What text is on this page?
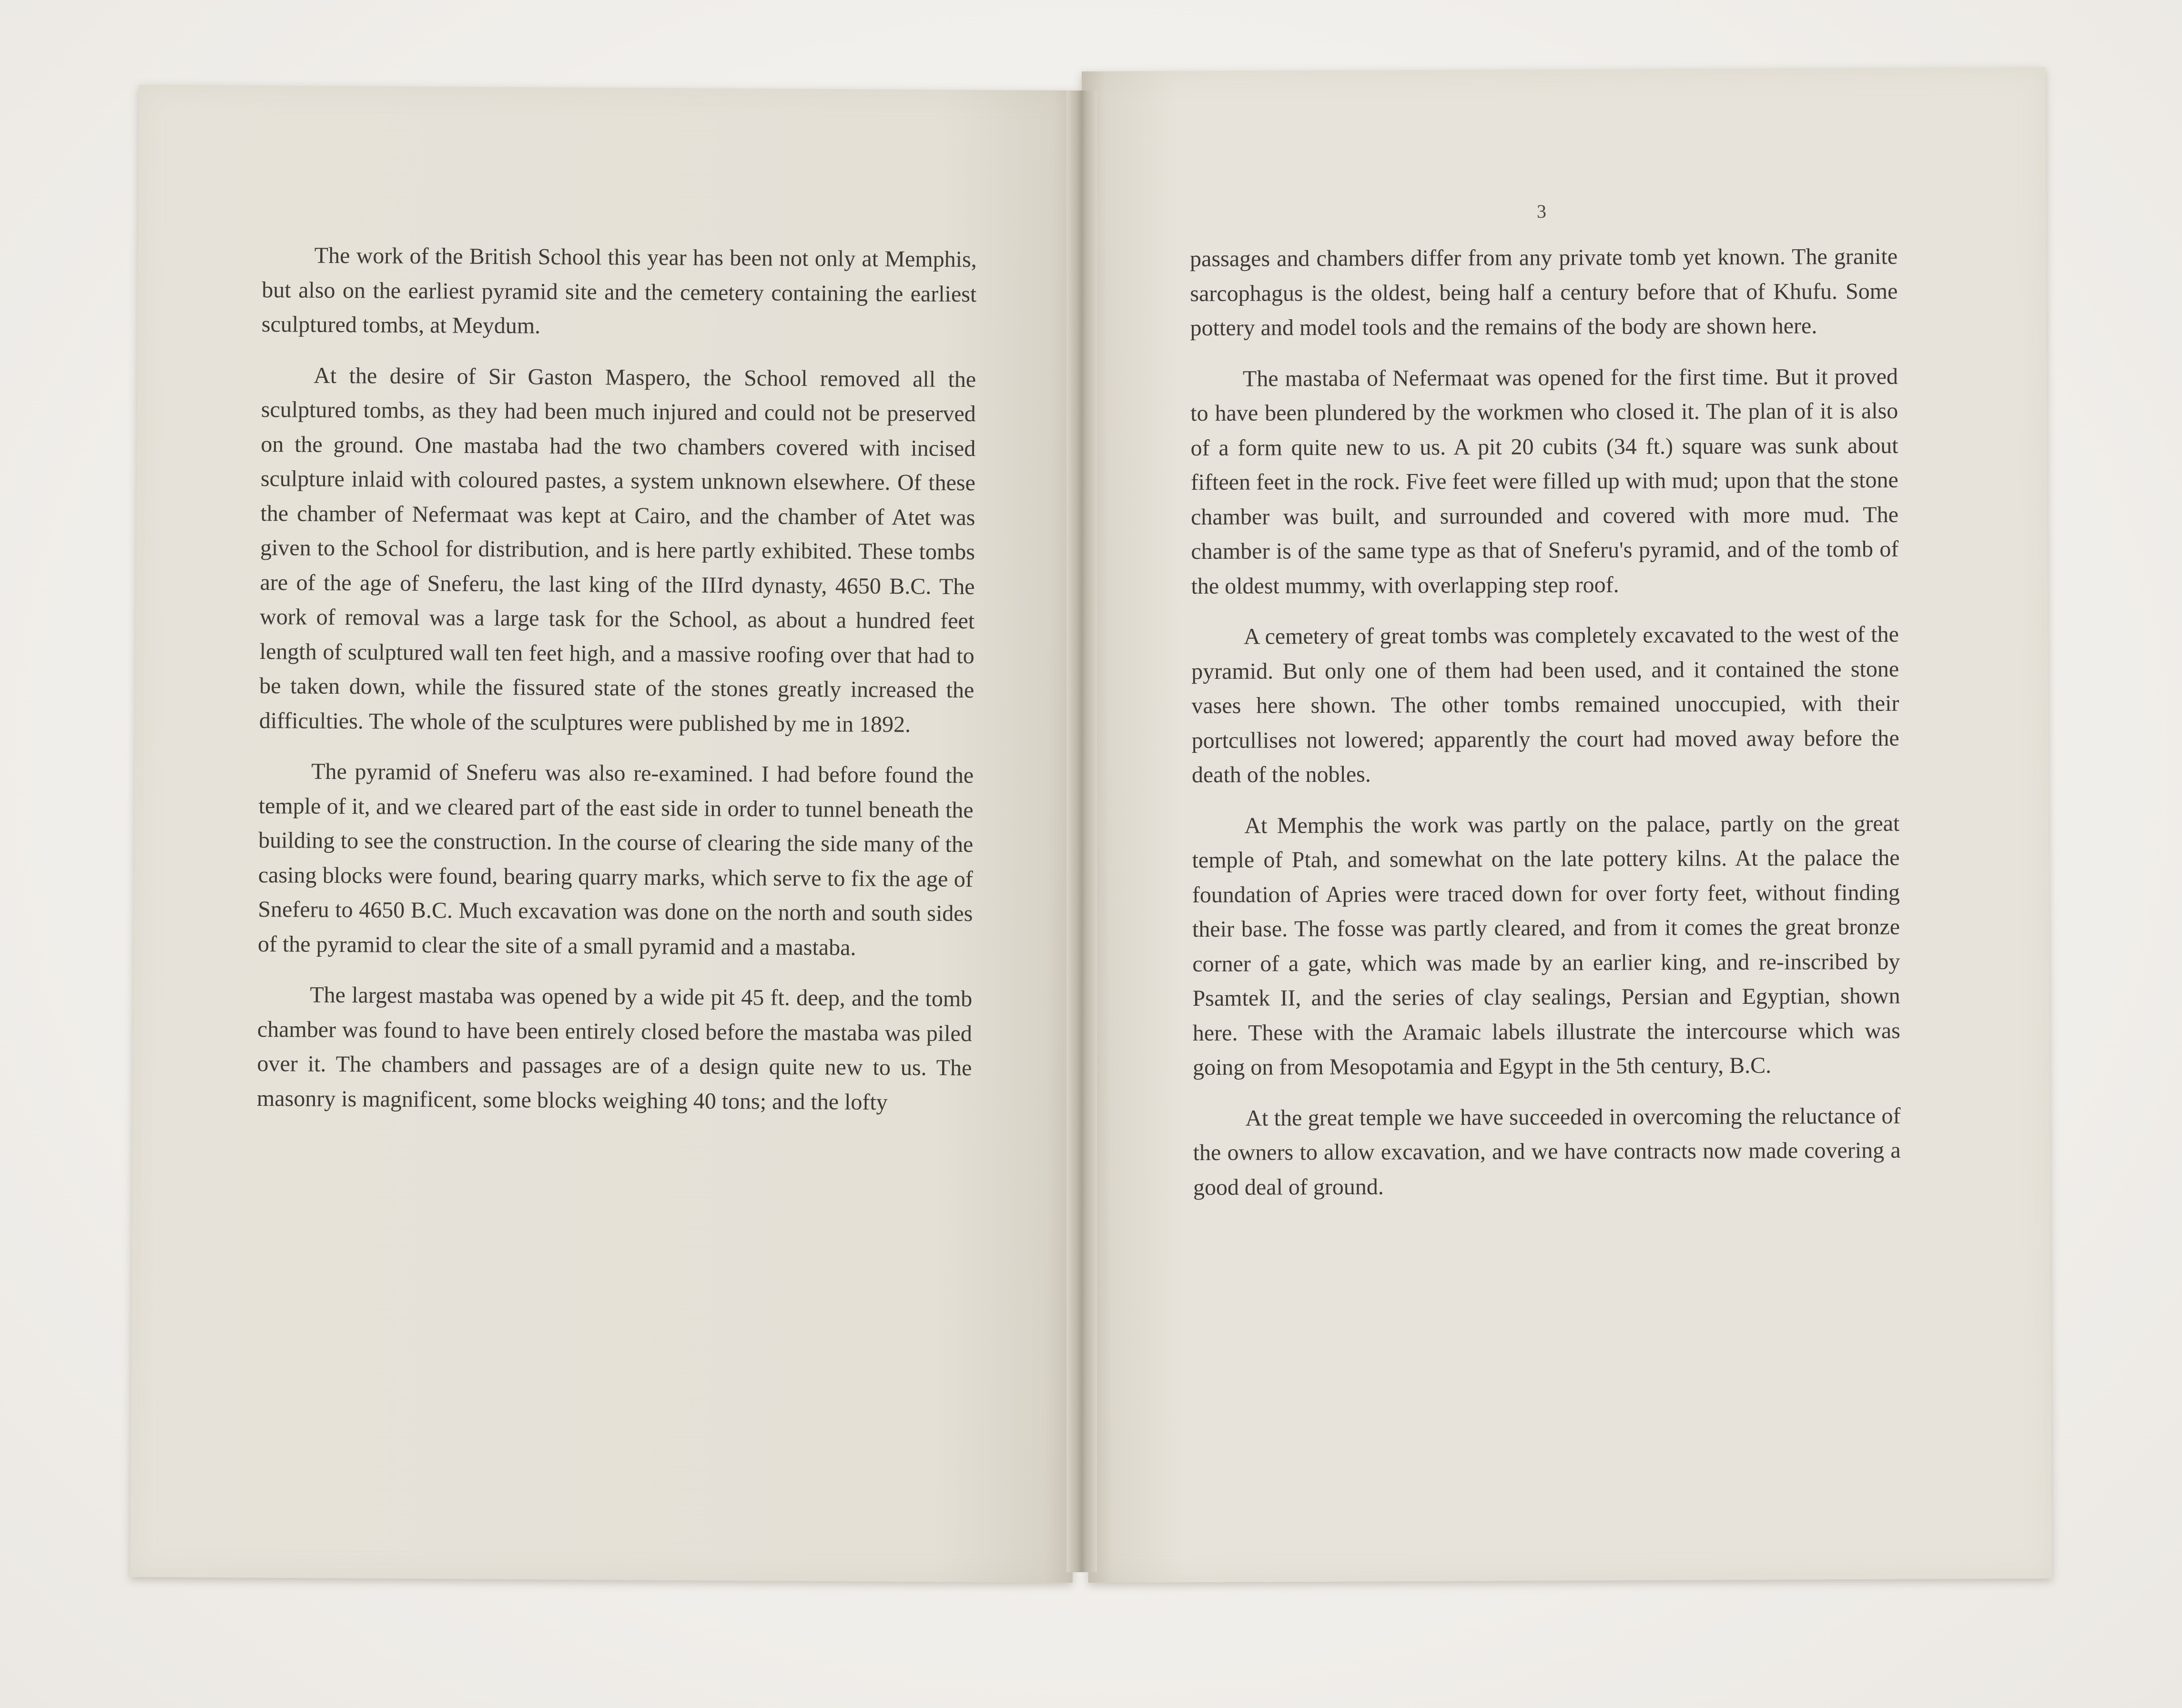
The work of the British School this year has been not only at Memphis, but also on the earliest pyramid site and the cemetery containing the earliest sculptured tombs, at Meydum.

At the desire of Sir Gaston Maspero, the School removed all the sculptured tombs, as they had been much injured and could not be preserved on the ground. One mastaba had the two chambers covered with incised sculpture inlaid with coloured pastes, a system unknown elsewhere. Of these the chamber of Nefermaat was kept at Cairo, and the chamber of Atet was given to the School for distribution, and is here partly exhibited. These tombs are of the age of Sneferu, the last king of the IIIrd dynasty, 4650 B.C. The work of removal was a large task for the School, as about a hundred feet length of sculptured wall ten feet high, and a massive roofing over that had to be taken down, while the fissured state of the stones greatly increased the difficulties. The whole of the sculptures were published by me in 1892.

The pyramid of Sneferu was also re-examined. I had before found the temple of it, and we cleared part of the east side in order to tunnel beneath the building to see the construction. In the course of clearing the side many of the casing blocks were found, bearing quarry marks, which serve to fix the age of Sneferu to 4650 B.C. Much excavation was done on the north and south sides of the pyramid to clear the site of a small pyramid and a mastaba.

The largest mastaba was opened by a wide pit 45 ft. deep, and the tomb chamber was found to have been entirely closed before the mastaba was piled over it. The chambers and passages are of a design quite new to us. The masonry is magnificent, some blocks weighing 40 tons; and the lofty

3

passages and chambers differ from any private tomb yet known. The granite sarcophagus is the oldest, being half a century before that of Khufu. Some pottery and model tools and the remains of the body are shown here.

The mastaba of Nefermaat was opened for the first time. But it proved to have been plundered by the workmen who closed it. The plan of it is also of a form quite new to us. A pit 20 cubits (34 ft.) square was sunk about fifteen feet in the rock. Five feet were filled up with mud; upon that the stone chamber was built, and surrounded and covered with more mud. The chamber is of the same type as that of Sneferu's pyramid, and of the tomb of the oldest mummy, with overlapping step roof.

A cemetery of great tombs was completely excavated to the west of the pyramid. But only one of them had been used, and it contained the stone vases here shown. The other tombs remained unoccupied, with their portcullises not lowered; apparently the court had moved away before the death of the nobles.

At Memphis the work was partly on the palace, partly on the great temple of Ptah, and somewhat on the late pottery kilns. At the palace the foundation of Apries were traced down for over forty feet, without finding their base. The fosse was partly cleared, and from it comes the great bronze corner of a gate, which was made by an earlier king, and re-inscribed by Psamtek II, and the series of clay sealings, Persian and Egyptian, shown here. These with the Aramaic labels illustrate the intercourse which was going on from Mesopotamia and Egypt in the 5th century, B.C.

At the great temple we have succeeded in overcoming the reluctance of the owners to allow excavation, and we have contracts now made covering a good deal of ground.
